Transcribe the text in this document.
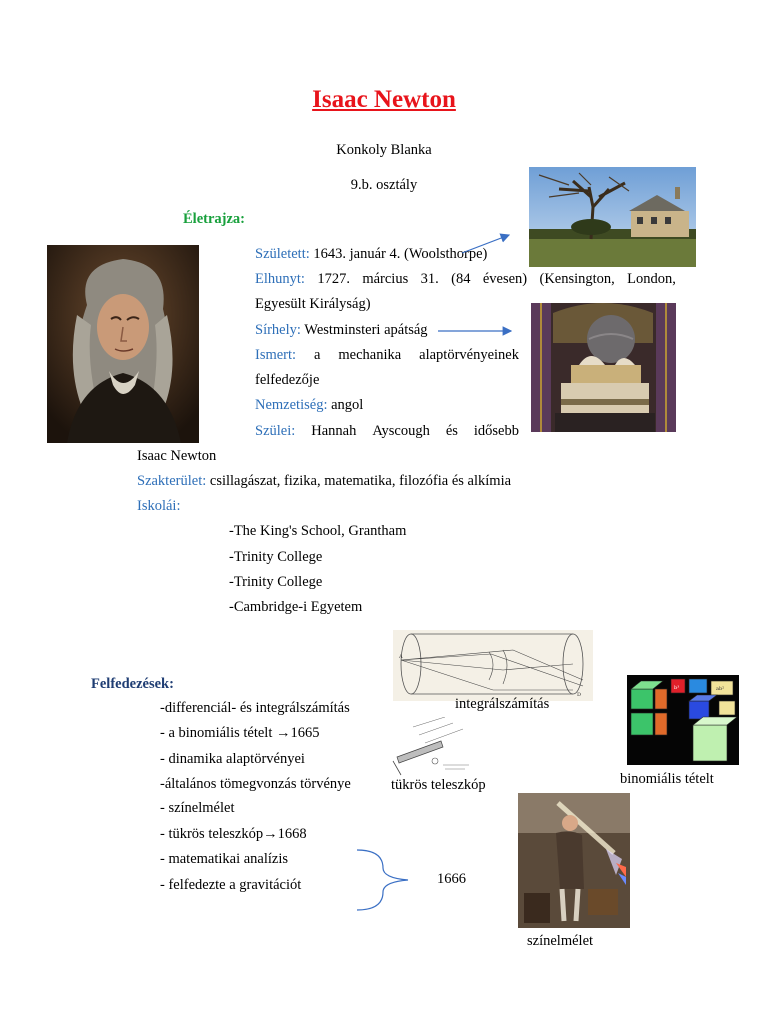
Isaac Newton
Konkoly Blanka
9.b. osztály
Életrajza:
Született: 1643. január 4. (Woolsthorpe)
Elhunyt: 1727. március 31. (84 évesen) (Kensington, London,
Egyesült Királyság)
Sírhely: Westminsteri apátság
Ismert: a mechanika alaptörvényeinek
felfedezője
Nemzetiség: angol
Szülei: Hannah Ayscough és idősebb
Isaac Newton
Szakterület: csillagászat, fizika, matematika, filozófia és alkímia
Iskolái:
-The King's School, Grantham
-Trinity College
-Trinity College
-Cambridge-i Egyetem
Felfedezések:
-differenciál- és integrálszámítás
- a binomiális tételt →1665
- dinamika alaptörvényei
-általános tömegvonzás törvénye
- színelmélet
- tükrös teleszkóp→1668
- matematikai analízis
- felfedezte a gravitációt	1666
A
D
integrálszámítás
b³	ab²
binomiális tételt
tükrös teleszkóp
színelmélet
